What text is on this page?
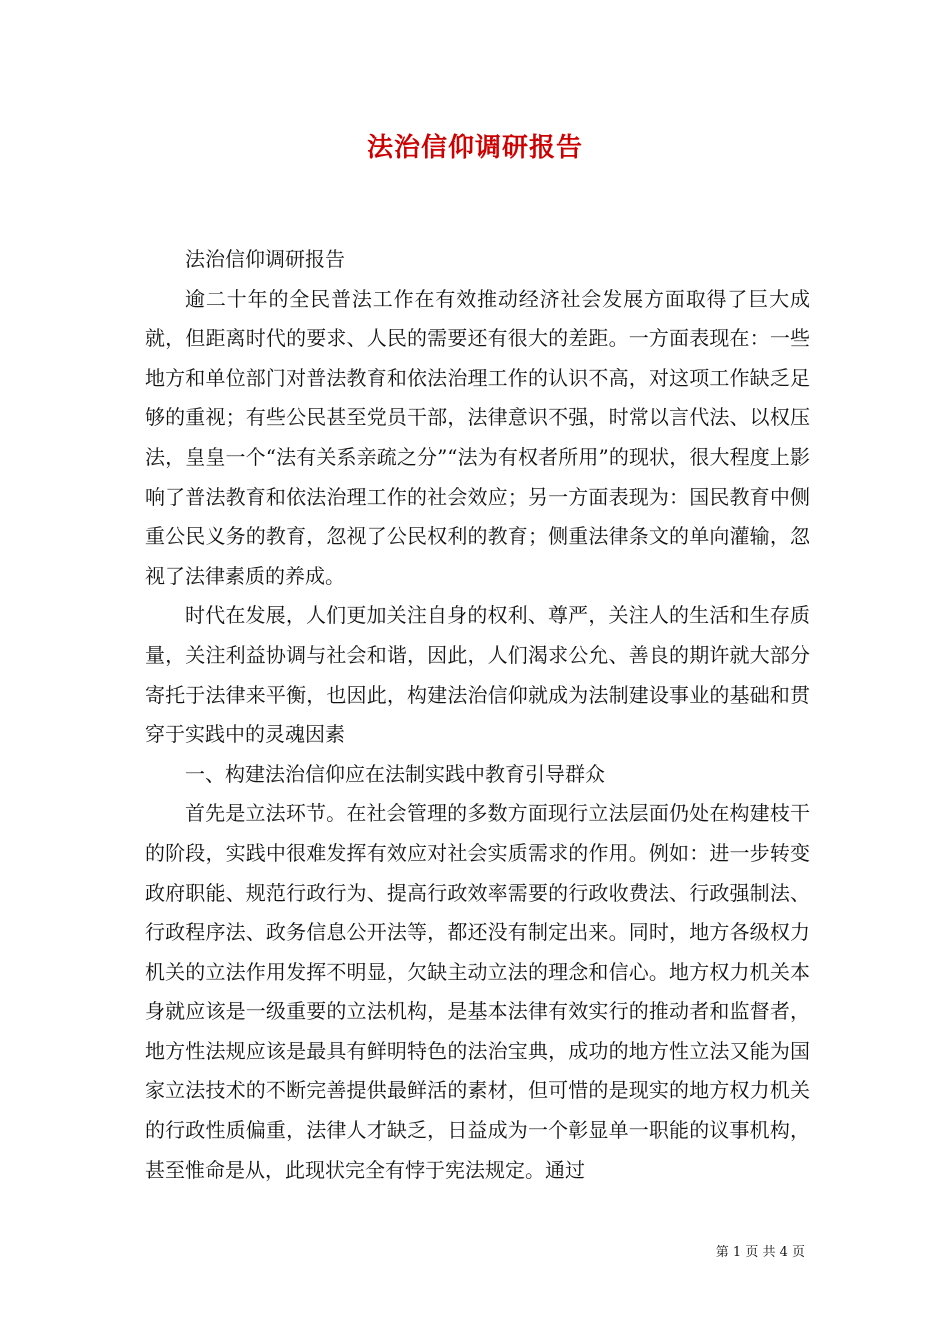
法治信仰调研报告

法治信仰调研报告

逾二十年的全民普法工作在有效推动经济社会发展方面取得了巨大成就，但距离时代的要求、人民的需要还有很大的差距。一方面表现在：一些地方和单位部门对普法教育和依法治理工作的认识不高，对这项工作缺乏足够的重视；有些公民甚至党员干部，法律意识不强，时常以言代法、以权压法，皇皇一个“法有关系亲疏之分”“法为有权者所用”的现状，很大程度上影响了普法教育和依法治理工作的社会效应；另一方面表现为：国民教育中侧重公民义务的教育，忽视了公民权利的教育；侧重法律条文的单向灌输，忽视了法律素质的养成。

时代在发展，人们更加关注自身的权利、尊严，关注人的生活和生存质量，关注利益协调与社会和谐，因此，人们渴求公允、善良的期许就大部分寄托于法律来平衡，也因此，构建法治信仰就成为法制建设事业的基础和贯穿于实践中的灵魂因素

一、构建法治信仰应在法制实践中教育引导群众

首先是立法环节。在社会管理的多数方面现行立法层面仍处在构建枝干的阶段，实践中很难发挥有效应对社会实质需求的作用。例如：进一步转变政府职能、规范行政行为、提高行政效率需要的行政收费法、行政强制法、行政程序法、政务信息公开法等，都还没有制定出来。同时，地方各级权力机关的立法作用发挥不明显，欠缺主动立法的理念和信心。地方权力机关本身就应该是一级重要的立法机构，是基本法律有效实行的推动者和监督者，地方性法规应该是最具有鲜明特色的法治宝典，成功的地方性立法又能为国家立法技术的不断完善提供最鲜活的素材，但可惜的是现实的地方权力机关的行政性质偏重，法律人才缺乏，日益成为一个彰显单一职能的议事机构，甚至惟命是从，此现状完全有悖于宪法规定。通过

第 1 页 共 4 页
